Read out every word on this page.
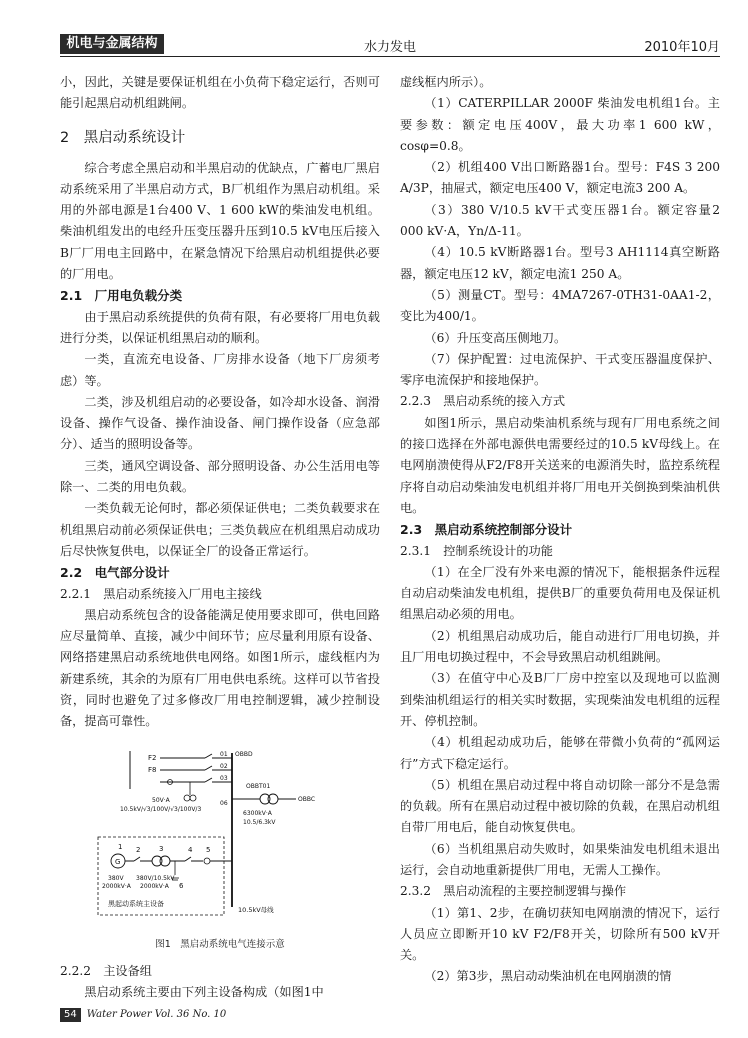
水力发电
机电与金属结构	2010年10月

小，因此，关键是要保证机组在小负荷下稳定运行，否则可能引起黑启动机组跳闸。

2　黑启动系统设计

综合考虑全黑启动和半黑启动的优缺点，广蓄电厂黑启动系统采用了半黑启动方式，B厂机组作为黑启动机组。采用的外部电源是1台400 V、1 600 kW的柴油发电机组。柴油机组发出的电经升压变压器升压到10.5 kV电压后接入B厂厂用电主回路中，在紧急情况下给黑启动机组提供必要的厂用电。

2.1　厂用电负载分类

由于黑启动系统提供的负荷有限，有必要将厂用电负载进行分类，以保证机组黑启动的顺利。

一类，直流充电设备、厂房排水设备（地下厂房须考虑）等。

二类，涉及机组启动的必要设备，如冷却水设备、润滑设备、操作气设备、操作油设备、闸门操作设备（应急部分）、适当的照明设备等。

三类，通风空调设备、部分照明设备、办公生活用电等除一、二类的用电负载。

一类负载无论何时，都必须保证供电；二类负载要求在机组黑启动前必须保证供电；三类负载应在机组黑启动成功后尽快恢复供电，以保证全厂的设备正常运行。

2.2　电气部分设计
2.2.1　黑启动系统接入厂用电主接线

黑启动系统包含的设备能满足使用要求即可，供电回路应尽量简单、直接，减少中间环节；应尽量利用原有设备、网络搭建黑启动系统地供电网络。如图1所示，虚线框内为新建系统，其余的为原有厂用电供电系统。这样可以节省投资，同时也避免了过多修改厂用电控制逻辑，减少控制设备，提高可靠性。

F2
F8
50V·A
10.5kV/√3/100V/√3/100V/3
01 OBBD
02
03
06
OBBT01
OBBC
6300kV·A
10.5/6.3kV
G
1 2	3	4 5
6
380V
2000kV·A
380V/10.5kV
2000kV·A
黑起动系统主设备
10.5kV母线
图1　黑启动系统电气连接示意
2.2.2　主设备组

黑启动系统主要由下列主设备构成（如图1中

虚线框内所示）。

（1）CATERPILLAR 2000F 柴油发电机组1台。主要参数：额定电压400V，最大功率1 600 kW，cosφ=0.8。

（2）机组400 V出口断路器1台。型号：F4S 3 200 A/3P，抽屉式，额定电压400 V，额定电流3 200 A。

（3）380 V/10.5 kV干式变压器1台。额定容量2 000 kV·A，Yn/Δ-11。

（4）10.5 kV断路器1台。型号3 AH1114真空断路器，额定电压12 kV，额定电流1 250 A。

（5）测量CT。型号：4MA7267-0TH31-0AA1-2，变比为400/1。

（6）升压变高压侧地刀。

（7）保护配置：过电流保护、干式变压器温度保护、零序电流保护和接地保护。

2.2.3　黑启动系统的接入方式

如图1所示，黑启动柴油机系统与现有厂用电系统之间的接口选择在外部电源供电需要经过的10.5 kV母线上。在电网崩溃使得从F2/F8开关送来的电源消失时，监控系统程序将自动启动柴油发电机组并将厂用电开关倒换到柴油机供电。

2.3　黑启动系统控制部分设计
2.3.1　控制系统设计的功能

（1）在全厂没有外来电源的情况下，能根据条件远程自动启动柴油发电机组，提供B厂的重要负荷用电及保证机组黑启动必须的用电。

（2）机组黑启动成功后，能自动进行厂用电切换，并且厂用电切换过程中，不会导致黑启动机组跳闸。

（3）在值守中心及B厂厂房中控室以及现地可以监测到柴油机组运行的相关实时数据，实现柴油发电机组的远程开、停机控制。

（4）机组起动成功后，能够在带微小负荷的“孤网运行”方式下稳定运行。

（5）机组在黑启动过程中将自动切除一部分不是急需的负载。所有在黑启动过程中被切除的负载，在黑启动机组自带厂用电后，能自动恢复供电。

（6）当机组黑启动失败时，如果柴油发电机组未退出运行，会自动地重新提供厂用电，无需人工操作。

2.3.2　黑启动流程的主要控制逻辑与操作

（1）第1、2步，在确切获知电网崩溃的情况下，运行人员应立即断开10 kV F2/F8开关，切除所有500 kV开关。

（2）第3步，黑启动动柴油机在电网崩溃的情

54 Water Power Vol. 36 No. 10
